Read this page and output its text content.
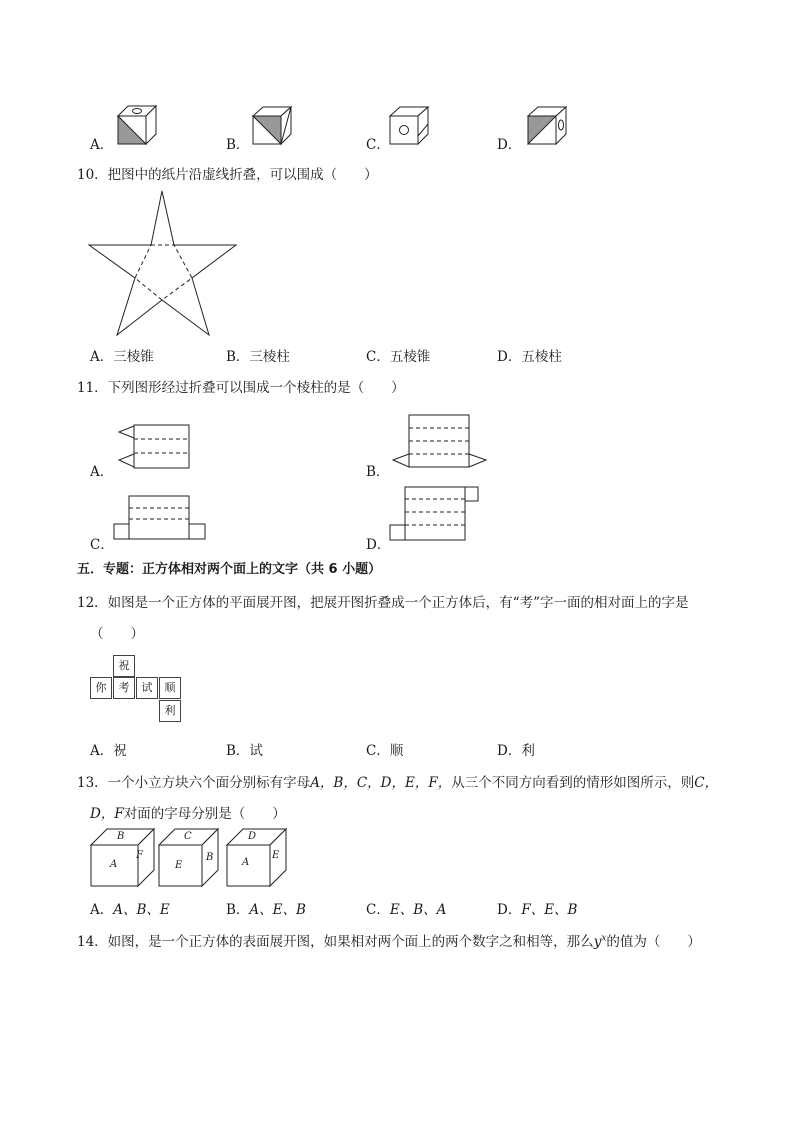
A．	B．	C．	D．
10．把图中的纸片沿虚线折叠，可以围成（　　）
A．三棱锥	B．三棱柱	C．五棱锥	D．五棱柱
11．下列图形经过折叠可以围成一个棱柱的是（　　）
A．	B．
C．	D．
五．专题：正方体相对两个面上的文字（共 6 小题）
12．如图是一个正方体的平面展开图，把展开图折叠成一个正方体后，有“考”字一面的相对面上的字是
（　　）
祝
你	考	试	顺
利
A．祝	B．试	C．顺	D．利
13．一个小立方块六个面分别标有字母A，B，C，D，E，F，从三个不同方向看到的情形如图所示，则C，
D，F对面的字母分别是（　　）
B
A
F
C
E
B
D
A
E
A．A、B、E	B．A、E、B	C．E、B、A	D．F、E、B
14．如图，是一个正方体的表面展开图，如果相对两个面上的两个数字之和相等，那么$y^x$的值为（　　）
